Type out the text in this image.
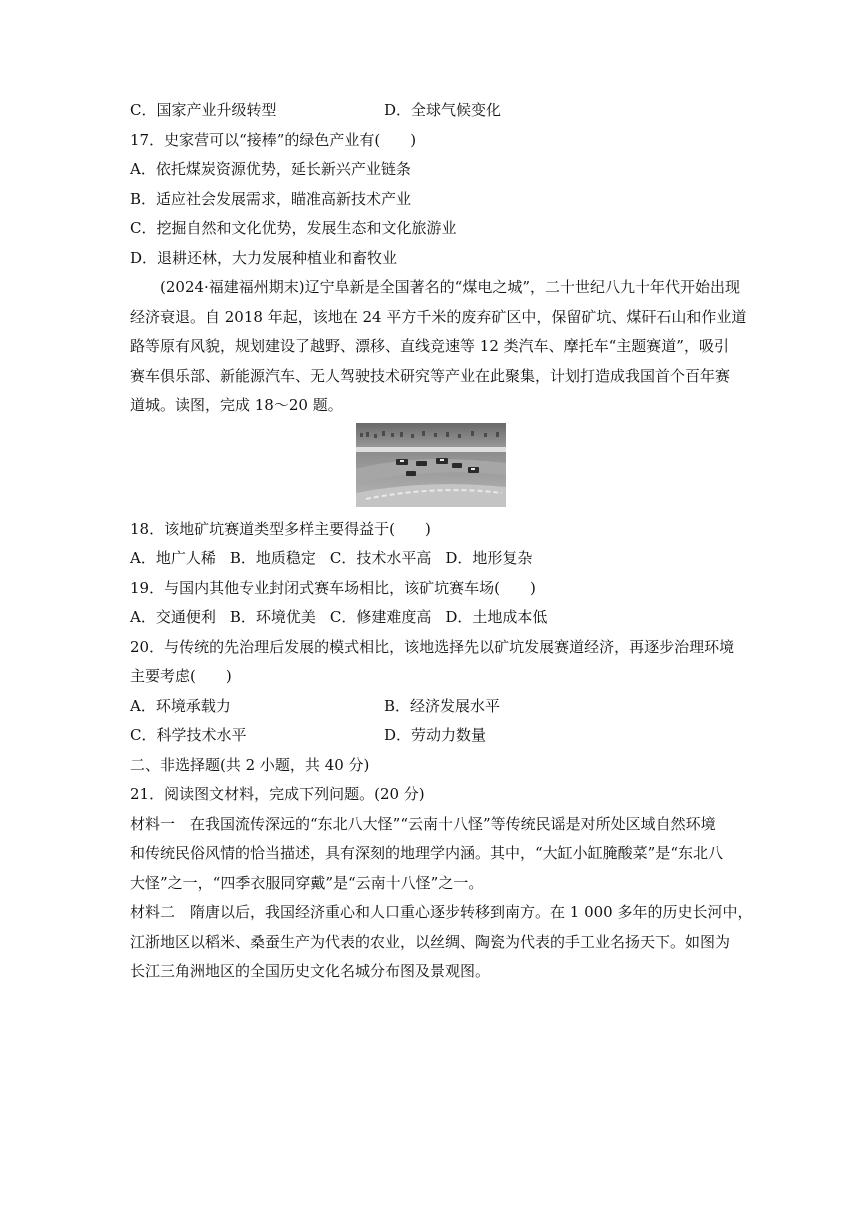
C．国家产业升级转型	D．全球气候变化
17．史家营可以“接棒”的绿色产业有(　　)
A．依托煤炭资源优势，延长新兴产业链条
B．适应社会发展需求，瞄准高新技术产业
C．挖掘自然和文化优势，发展生态和文化旅游业
D．退耕还林，大力发展种植业和畜牧业
(2024·福建福州期末)辽宁阜新是全国著名的“煤电之城”，二十世纪八九十年代开始出现
经济衰退。自 2018 年起，该地在 24 平方千米的废弃矿区中，保留矿坑、煤矸石山和作业道
路等原有风貌，规划建设了越野、漂移、直线竞速等 12 类汽车、摩托车“主题赛道”，吸引
赛车俱乐部、新能源汽车、无人驾驶技术研究等产业在此聚集，计划打造成我国首个百年赛
道城。读图，完成 18～20 题。
18．该地矿坑赛道类型多样主要得益于(　　)
A．地广人稀 B．地质稳定 C．技术水平高 D．地形复杂
19．与国内其他专业封闭式赛车场相比，该矿坑赛车场(　　)
A．交通便利 B．环境优美 C．修建难度高 D．土地成本低
20．与传统的先治理后发展的模式相比，该地选择先以矿坑发展赛道经济，再逐步治理环境
主要考虑(　　)
A．环境承载力	B．经济发展水平
C．科学技术水平	D．劳动力数量
二、非选择题(共 2 小题，共 40 分)
21．阅读图文材料，完成下列问题。(20 分)
材料一　在我国流传深远的“东北八大怪”“云南十八怪”等传统民谣是对所处区域自然环境
和传统民俗风情的恰当描述，具有深刻的地理学内涵。其中，“大缸小缸腌酸菜”是“东北八
大怪”之一，“四季衣服同穿戴”是“云南十八怪”之一。
材料二　隋唐以后，我国经济重心和人口重心逐步转移到南方。在 1 000 多年的历史长河中，
江浙地区以稻米、桑蚕生产为代表的农业，以丝绸、陶瓷为代表的手工业名扬天下。如图为
长江三角洲地区的全国历史文化名城分布图及景观图。
